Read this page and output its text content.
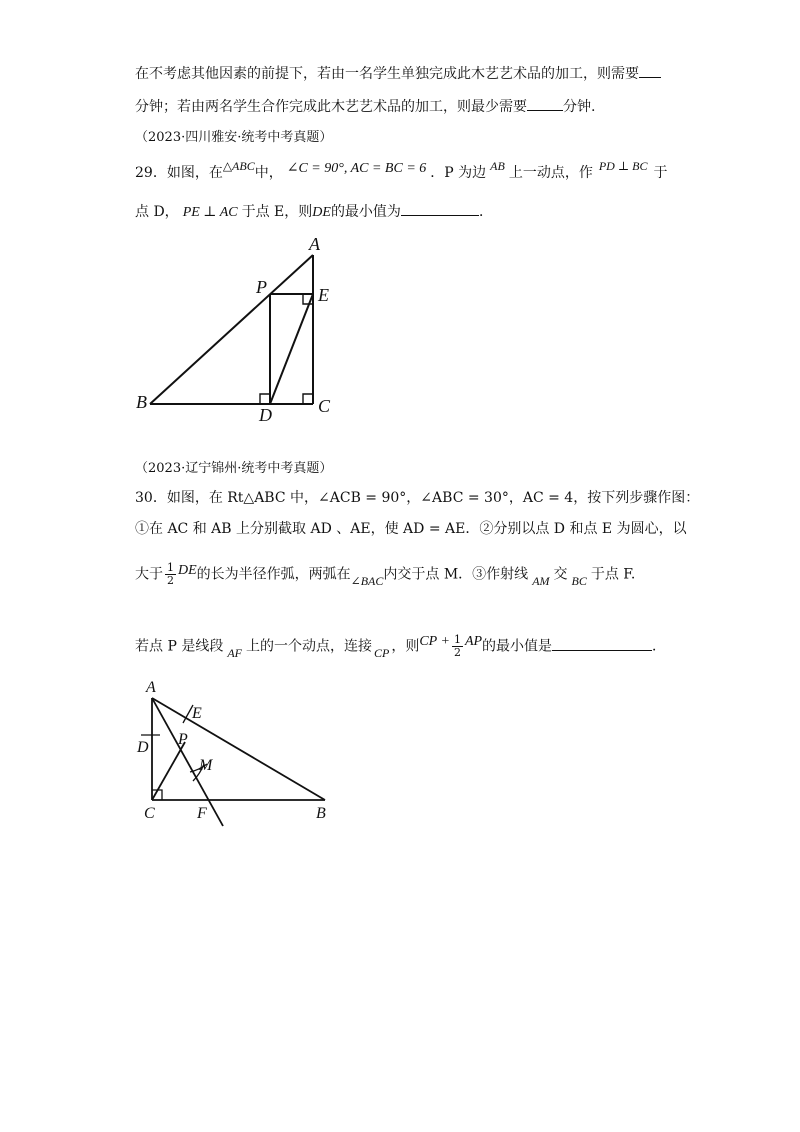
在不考虑其他因素的前提下，若由一名学生单独完成此木艺艺术品的加工，则需要
分钟；若由两名学生合作完成此木艺艺术品的加工，则最少需要	分钟.
（2023·四川雅安·统考中考真题）
29．如图，在△ABC中， ∠C = 90°, AC = BC = 6 ．P 为边 AB 上一动点，作 PD ⊥ BC 于
点 D， PE ⊥ AC 于点 E，则DE的最小值为	．
A
P	E
B
D	C
（2023·辽宁锦州·统考中考真题）
30．如图，在 Rt△ABC 中，∠ACB = 90°，∠ABC = 30°，AC = 4，按下列步骤作图：
①在 AC 和 AB 上分别截取 AD 、AE，使 AD = AE．②分别以点 D 和点 E 为圆心，以
大于 $\frac{1}{2}$ DE的长为半径作弧，两弧在∠BAC内交于点 M．③作射线 AM 交 BC 于点 F.
若点 P 是线段 AF 上的一个动点，连接 CP ，则CP + $\frac{1}{2}$ AP的最小值是	．
A
E
D P
M
C	F	B
